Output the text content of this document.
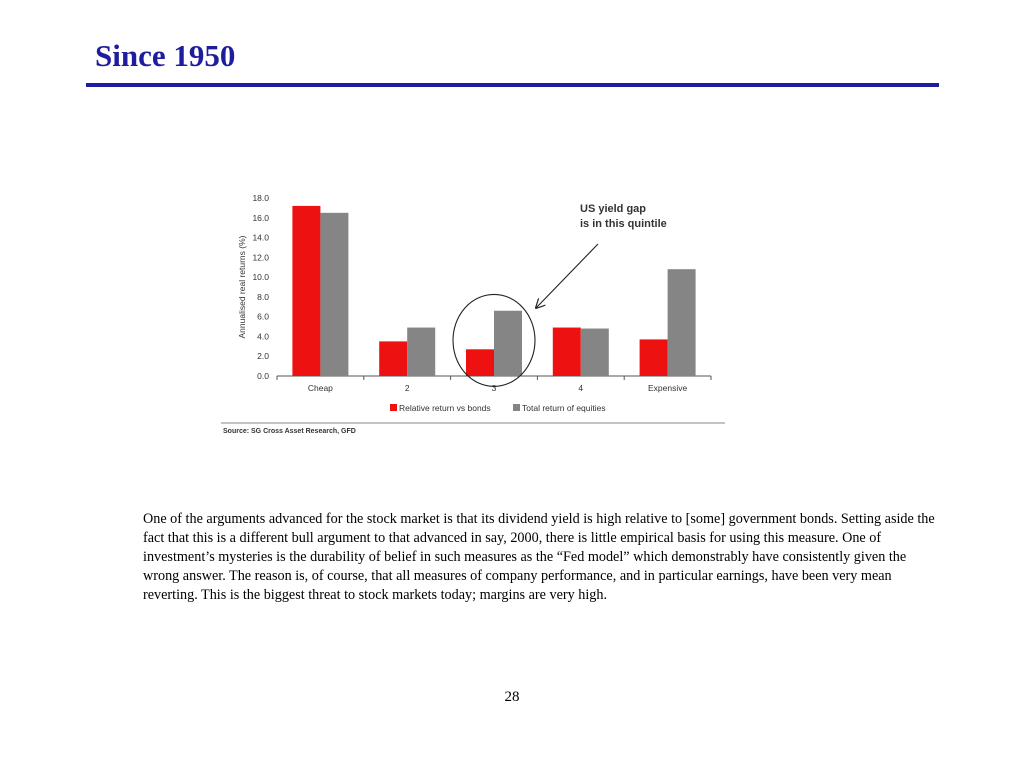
Since 1950
0.0
2.0
4.0
6.0
8.0
10.0
12.0
14.0
16.0
18.0
Annualised real returns (%)
Cheap	2	3	4	Expensive
US yield gap
is in this quintile
Relative return vs bonds	Total return of equities
Source: SG Cross Asset Research, GFD

One of the arguments advanced for the stock market is that its dividend yield is high relative to [some] government bonds. Setting aside the fact that this is a different bull argument to that advanced in say, 2000, there is little empirical basis for using this measure. One of investment’s mysteries is the durability of belief in such measures as the “Fed model” which demonstrably have consistently given the wrong answer. The reason is, of course, that all measures of company performance, and in particular earnings, have been very mean reverting. This is the biggest threat to stock markets today; margins are very high.

28
